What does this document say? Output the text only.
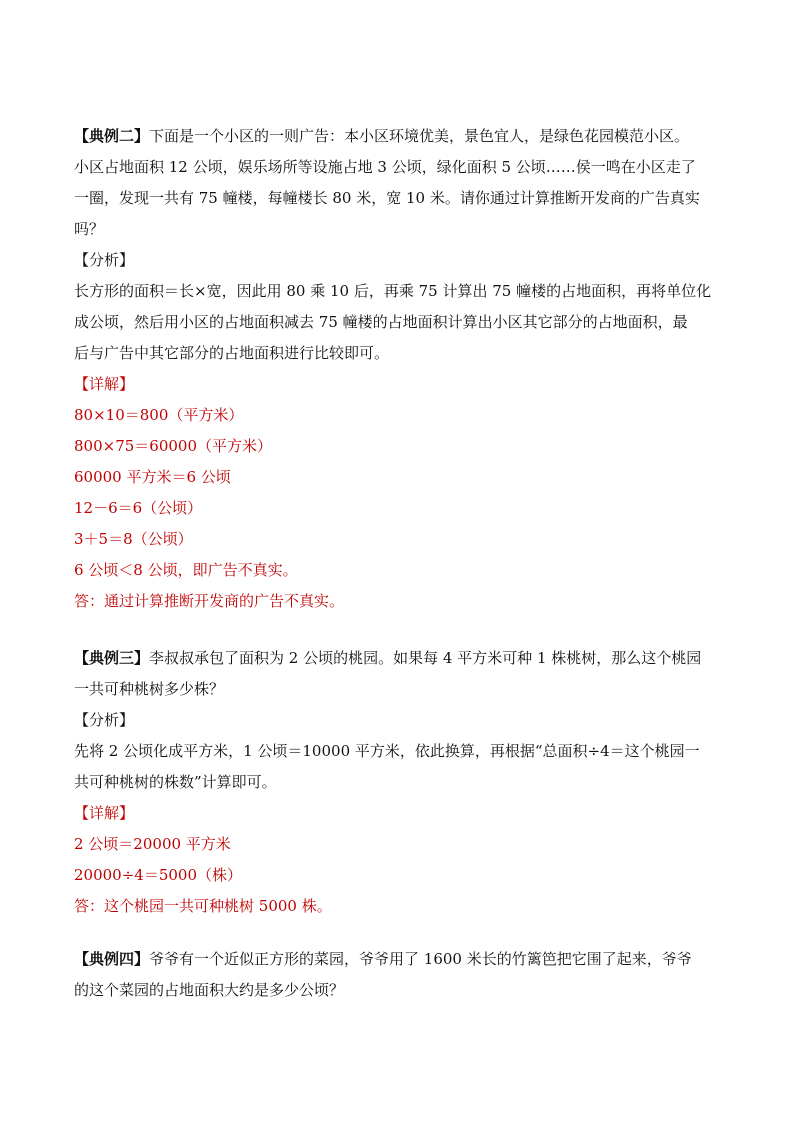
【典例二】下面是一个小区的一则广告：本小区环境优美，景色宜人，是绿色花园模范小区。
小区占地面积 12 公顷，娱乐场所等设施占地 3 公顷，绿化面积 5 公顷……侯一鸣在小区走了
一圈，发现一共有 75 幢楼，每幢楼长 80 米，宽 10 米。请你通过计算推断开发商的广告真实
吗？
【分析】
长方形的面积＝长×宽，因此用 80 乘 10 后，再乘 75 计算出 75 幢楼的占地面积，再将单位化
成公顷，然后用小区的占地面积减去 75 幢楼的占地面积计算出小区其它部分的占地面积，最
后与广告中其它部分的占地面积进行比较即可。
【详解】
80×10＝800（平方米）
800×75＝60000（平方米）
60000 平方米＝6 公顷
12－6＝6（公顷）
3＋5＝8（公顷）
6 公顷＜8 公顷，即广告不真实。
答：通过计算推断开发商的广告不真实。
【典例三】李叔叔承包了面积为 2 公顷的桃园。如果每 4 平方米可种 1 株桃树，那么这个桃园
一共可种桃树多少株？
【分析】
先将 2 公顷化成平方米，1 公顷＝10000 平方米，依此换算，再根据“总面积÷4＝这个桃园一
共可种桃树的株数”计算即可。
【详解】
2 公顷＝20000 平方米
20000÷4＝5000（株）
答：这个桃园一共可种桃树 5000 株。
【典例四】爷爷有一个近似正方形的菜园，爷爷用了 1600 米长的竹篱笆把它围了起来，爷爷
的这个菜园的占地面积大约是多少公顷？
